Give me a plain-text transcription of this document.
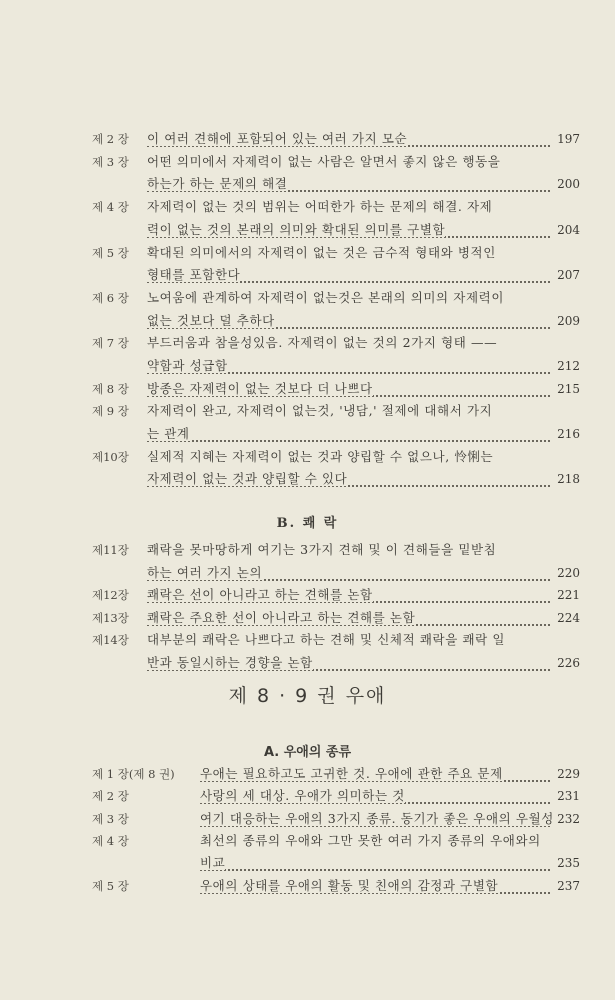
제 2 장 이 여러 견해에 포함되어 있는 여러 가지 모순	197
제 3 장 어떤 의미에서 자제력이 없는 사람은 알면서 좋지 않은 행동을
하는가 하는 문제의 해결	200
제 4 장 자제력이 없는 것의 범위는 어떠한가 하는 문제의 해결. 자제
력이 없는 것의 본래의 의미와 확대된 의미를 구별함	204
제 5 장 확대된 의미에서의 자제력이 없는 것은 금수적 형태와 병적인
형태를 포함한다	207
제 6 장 노여움에 관계하여 자제력이 없는것은 본래의 의미의 자제력이
없는 것보다 덜 추하다	209
제 7 장 부드러움과 참을성있음. 자제력이 없는 것의 2가지 형태 ——
약함과 성급함	212
제 8 장 방종은 자제력이 없는 것보다 더 나쁘다	215
제 9 장 자제력이 완고, 자제력이 없는것, '냉담,' 절제에 대해서 가지
는 관계	216
제10장 실제적 지혜는 자제력이 없는 것과 양립할 수 없으나, 怜悧는
자제력이 없는 것과 양립할 수 있다	218
B. 쾌 락
제11장 쾌락을 못마땅하게 여기는 3가지 견해 및 이 견해들을 밑받침
하는 여러 가지 논의	220
제12장 쾌락은 선이 아니라고 하는 견해를 논함	221
제13장 쾌락은 주요한 선이 아니라고 하는 견해를 논함	224
제14장 대부분의 쾌락은 나쁘다고 하는 견해 및 신체적 쾌락을 쾌락 일
반과 동일시하는 경향을 논함	226
제 8 · 9 권 우애
A. 우애의 종류
제 1 장(제 8 권) 우애는 필요하고도 고귀한 것. 우애에 관한 주요 문제	229
제 2 장	사랑의 세 대상. 우애가 의미하는 것	231
제 3 장	여기 대응하는 우애의 3가지 종류. 동기가 좋은 우애의 우월성 232
제 4 장	최선의 종류의 우애와 그만 못한 여러 가지 종류의 우애와의
비교	235
제 5 장	우애의 상태를 우애의 활동 및 친애의 감정과 구별함	237
